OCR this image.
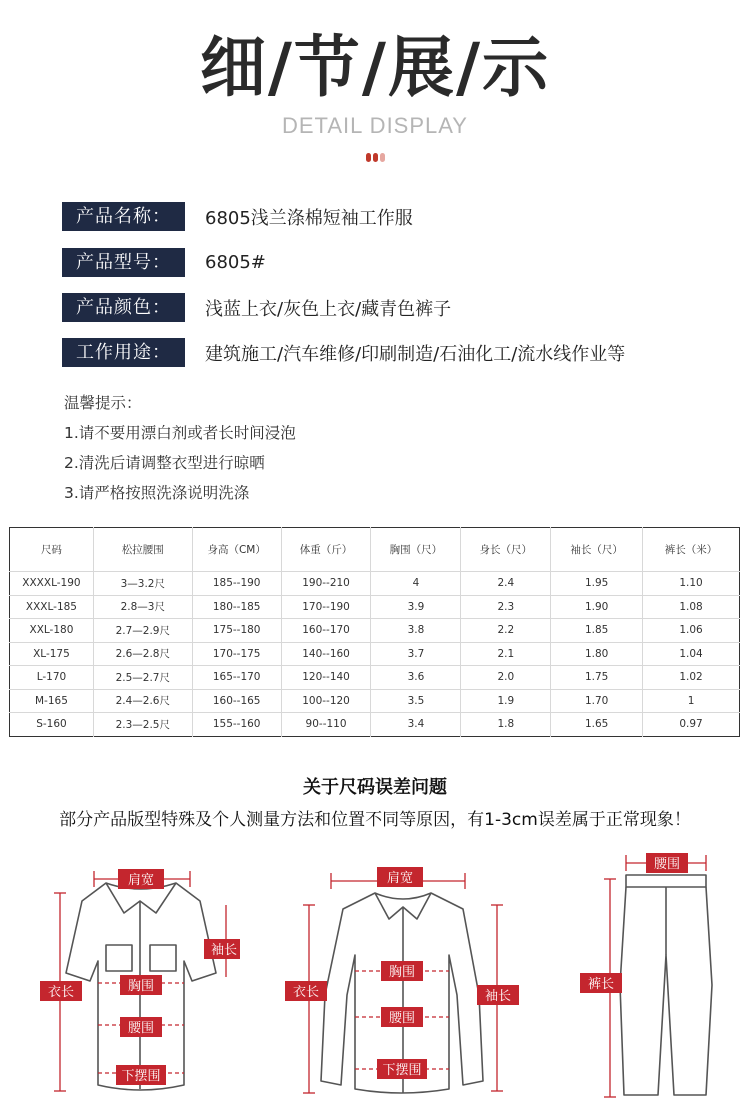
细/节/展/示
DETAIL DISPLAY
产品名称：	6805浅兰涤棉短袖工作服
产品型号：	6805#
产品颜色：	浅蓝上衣/灰色上衣/藏青色裤子
工作用途：	建筑施工/汽车维修/印刷制造/石油化工/流水线作业等
温馨提示：
1.请不要用漂白剂或者长时间浸泡
2.清洗后请调整衣型进行晾晒
3.请严格按照洗涤说明洗涤
尺码	松拉腰围	身高（CM）	体重（斤）	胸围（尺）	身长（尺）	袖长（尺）	裤长（米）
XXXXL-190	3—3.2尺	185--190	190--210	4	2.4	1.95	1.10
XXXL-185	2.8—3尺	180--185	170--190	3.9	2.3	1.90	1.08
XXL-180	2.7—2.9尺	175--180	160--170	3.8	2.2	1.85	1.06
XL-175	2.6—2.8尺	170--175	140--160	3.7	2.1	1.80	1.04
L-170	2.5—2.7尺	165--170	120--140	3.6	2.0	1.75	1.02
M-165	2.4—2.6尺	160--165	100--120	3.5	1.9	1.70	1
S-160	2.3—2.5尺	155--160	90--110	3.4	1.8	1.65	0.97
关于尺码误差问题
部分产品版型特殊及个人测量方法和位置不同等原因，有1-3cm误差属于正常现象！
肩宽
袖长
衣长	胸围
腰围
下摆围
肩宽
衣长	袖长
胸围
腰围
下摆围
腰围
裤长
